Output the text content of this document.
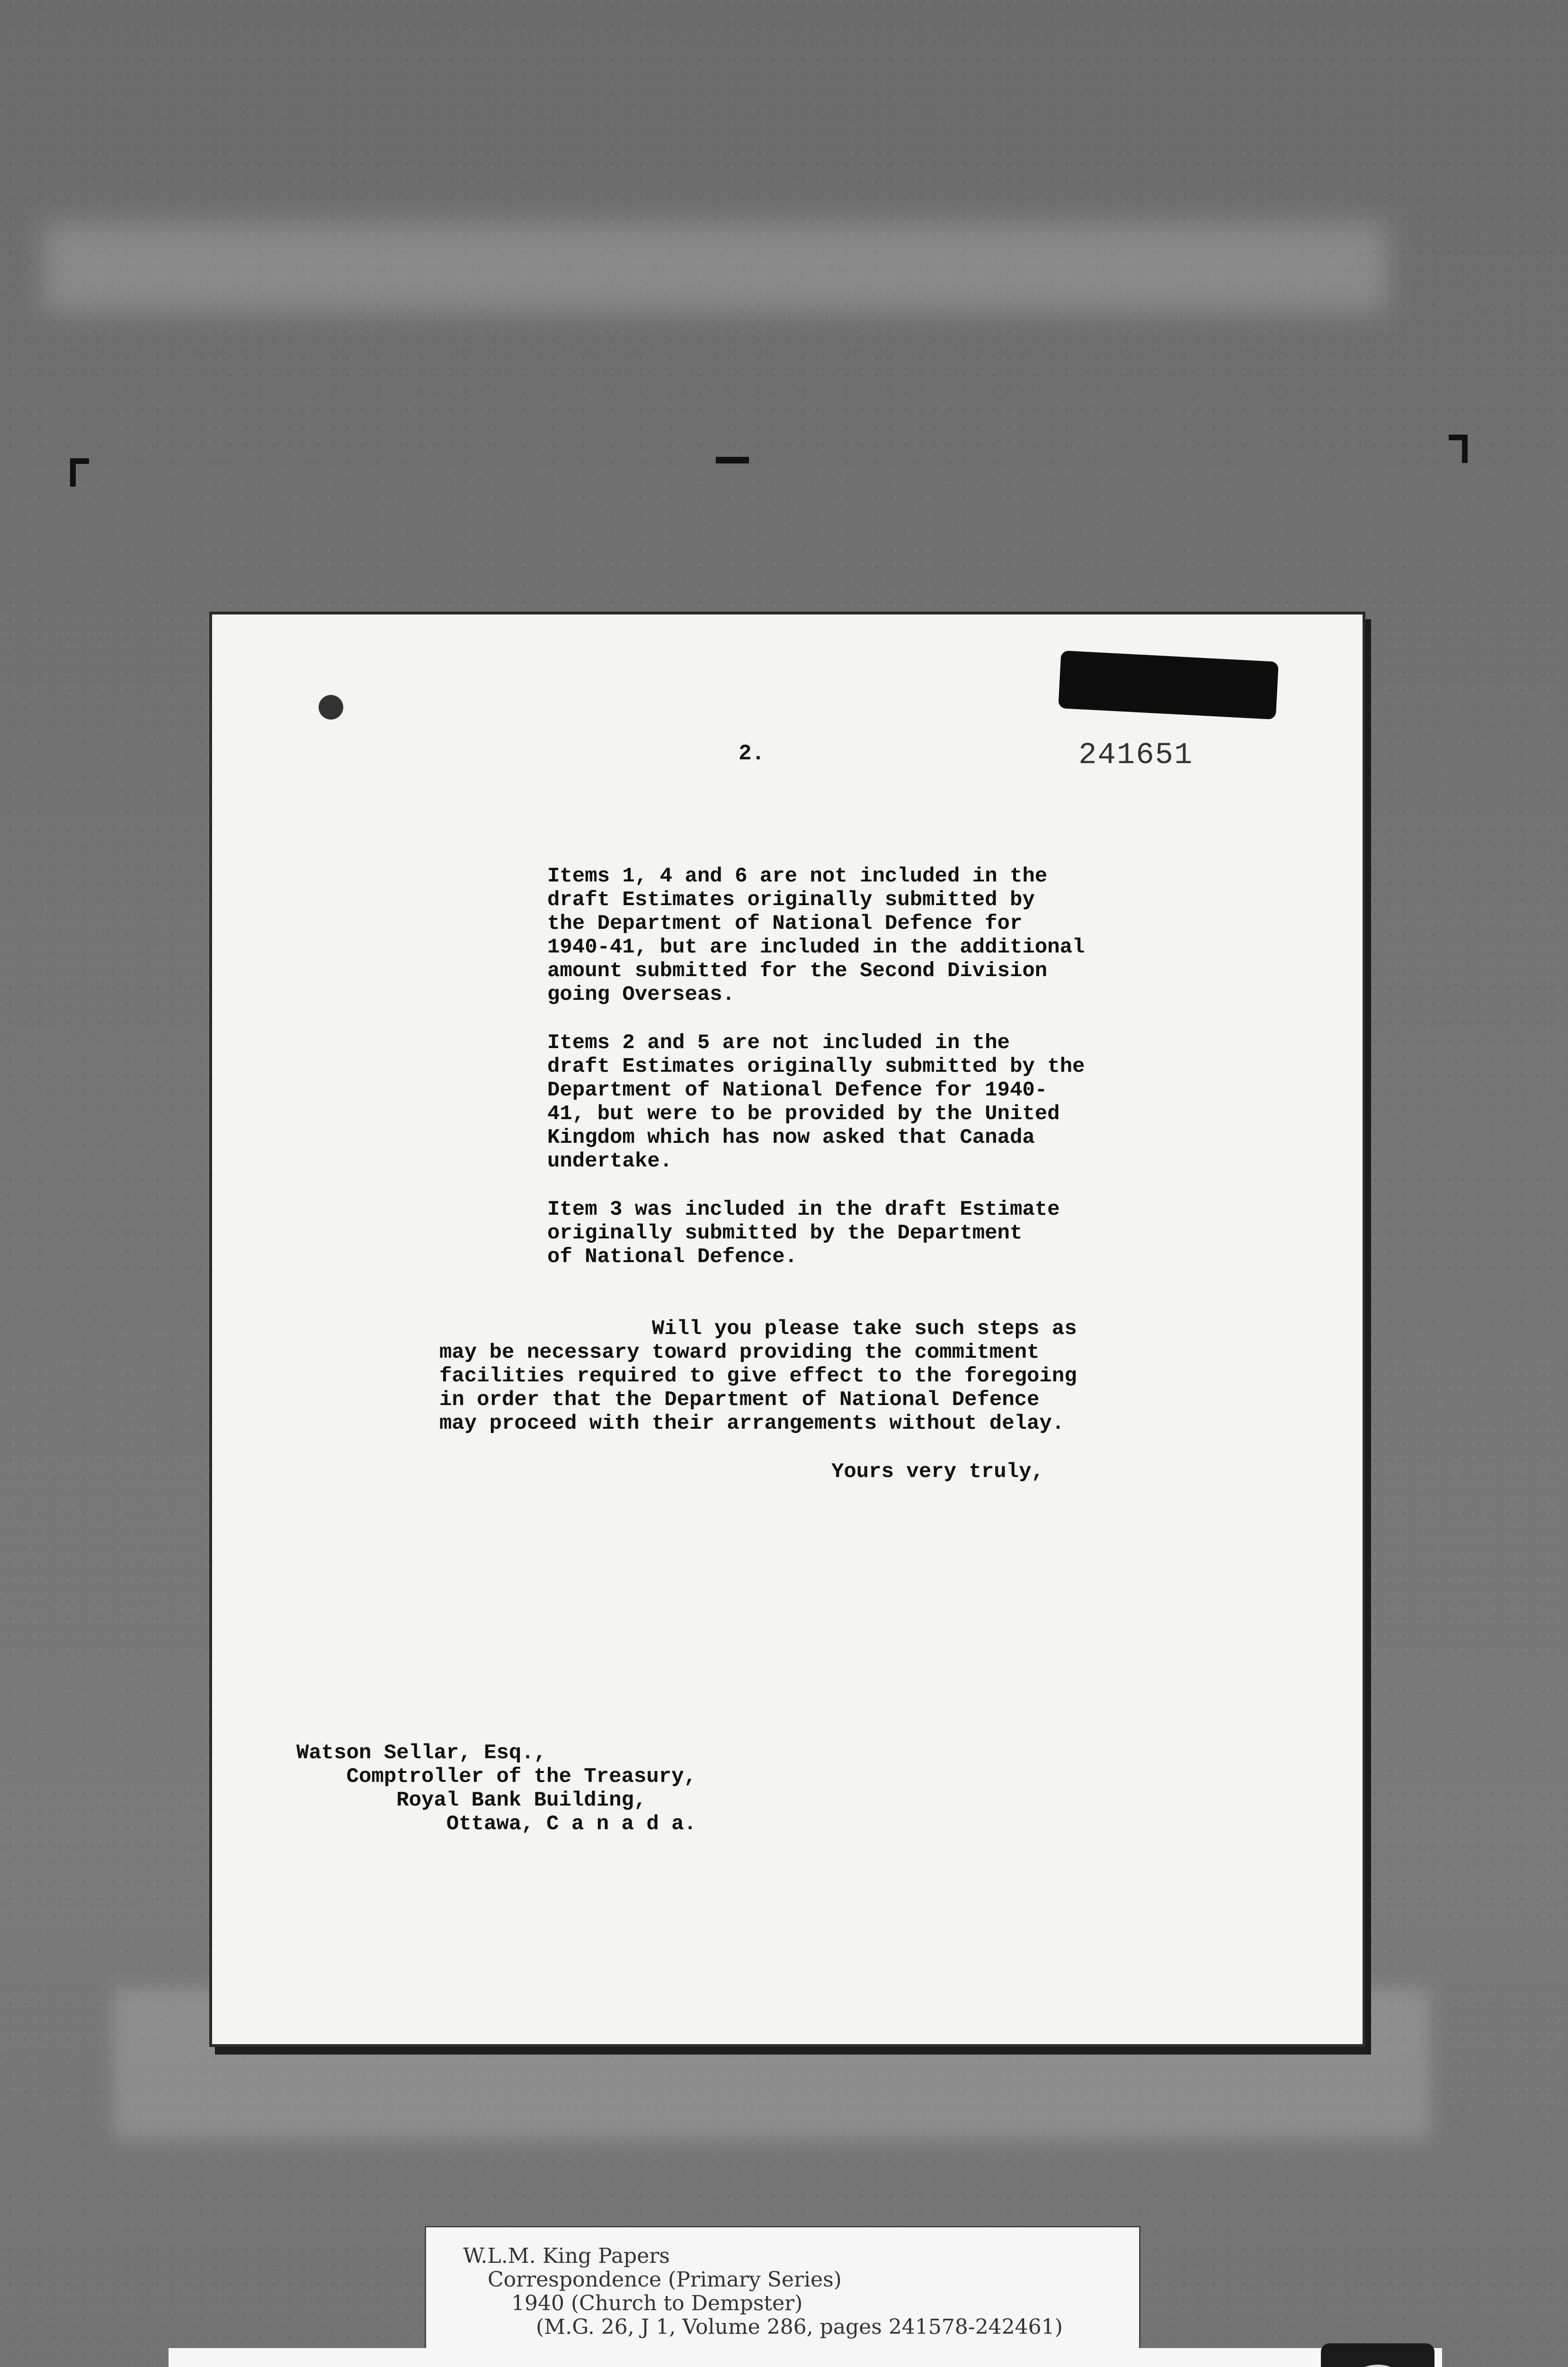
2.	241651

Items 1, 4 and 6 are not included in the
draft Estimates originally submitted by
the Department of National Defence for
1940-41, but are included in the additional
amount submitted for the Second Division
going Overseas.

Items 2 and 5 are not included in the
draft Estimates originally submitted by the
Department of National Defence for 1940-
41, but were to be provided by the United
Kingdom which has now asked that Canada
undertake.

Item 3 was included in the draft Estimate
originally submitted by the Department
of National Defence.

Will you please take such steps as
may be necessary toward providing the commitment
facilities required to give effect to the foregoing
in order that the Department of National Defence
may proceed with their arrangements without delay.

Yours very truly,

Watson Sellar, Esq.,
Comptroller of the Treasury,
Royal Bank Building,
Ottawa, C a n a d a.

W.L.M. King Papers
Correspondence (Primary Series)
1940 (Church to Dempster)
(M.G. 26, J 1, Volume 286, pages 241578-242461)
